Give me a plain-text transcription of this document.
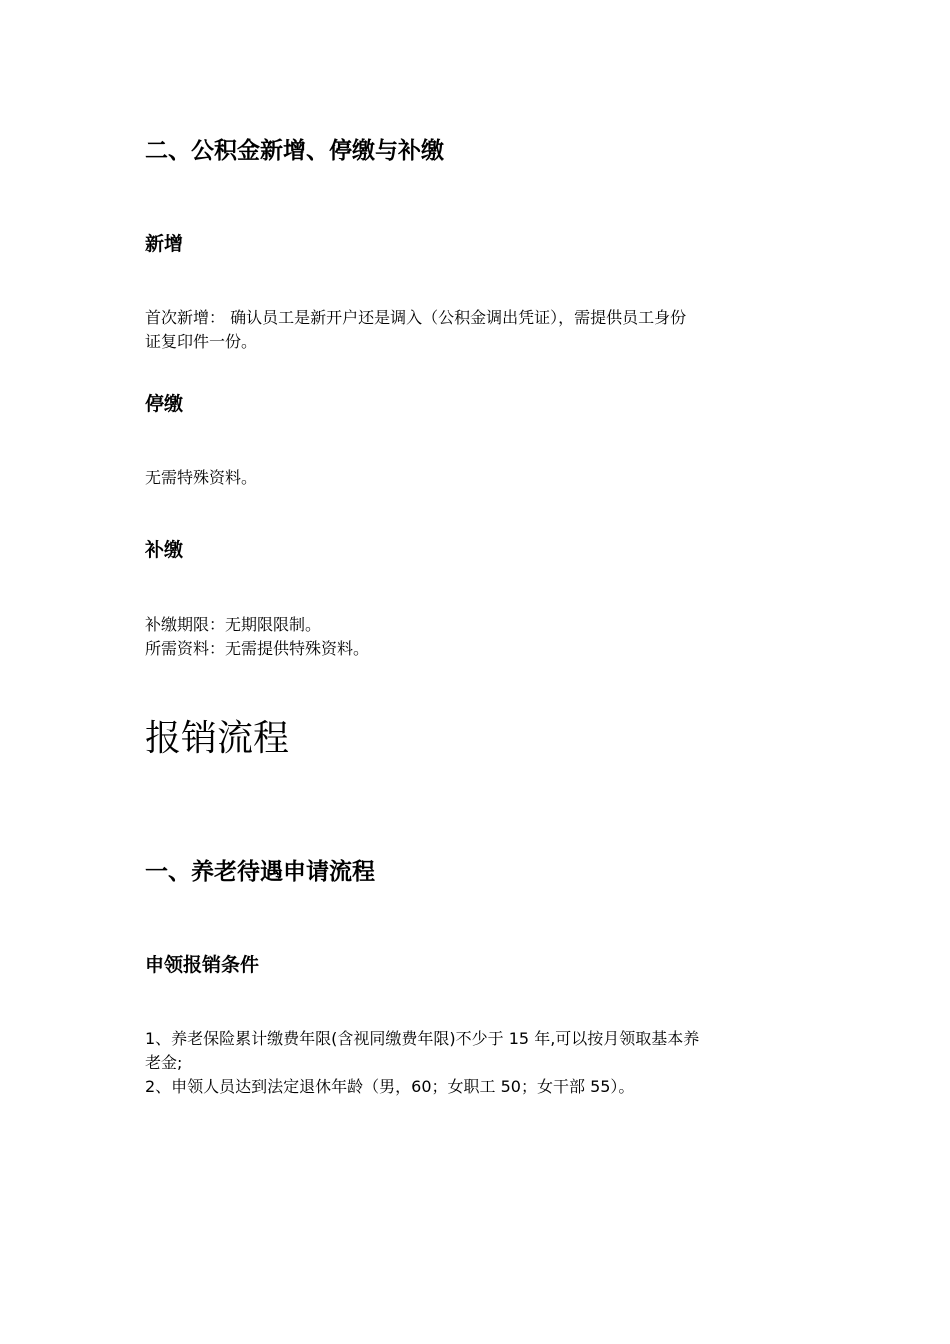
二、公积金新增、停缴与补缴
新增
首次新增： 确认员工是新开户还是调入（公积金调出凭证），需提供员工身份
证复印件一份。
停缴
无需特殊资料。
补缴
补缴期限：无期限限制。
所需资料：无需提供特殊资料。
报销流程
一、养老待遇申请流程
申领报销条件
1、养老保险累计缴费年限(含视同缴费年限)不少于 15 年,可以按月领取基本养
老金;
2、申领人员达到法定退休年龄（男，60；女职工 50；女干部 55）。
